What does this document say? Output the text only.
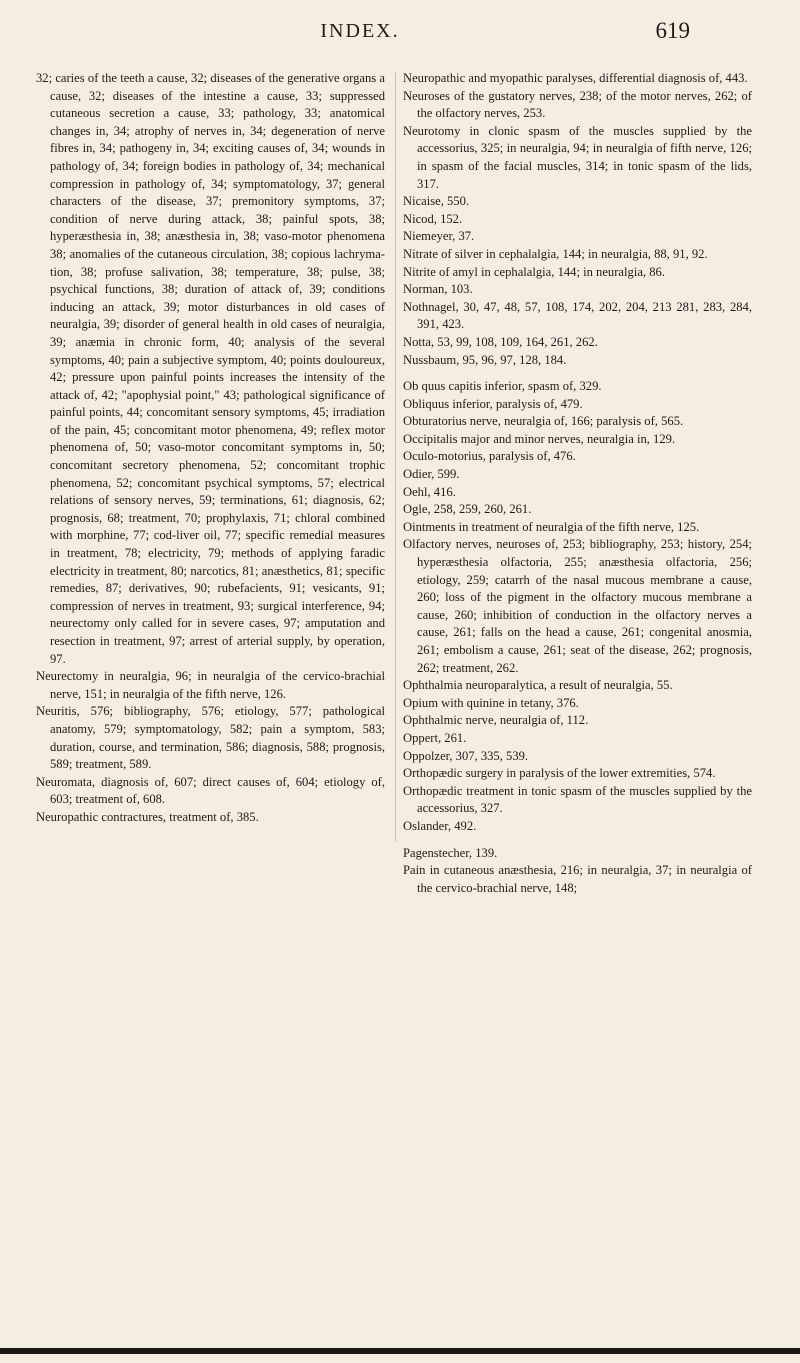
INDEX.	619

32; caries of the teeth a cause, 32; diseases of the generative organs a cause, 32; diseases of the intestine a cause, 33; suppressed cutaneous secretion a cause, 33; pathology, 33; anatomical changes in, 34; atrophy of nerves in, 34; degeneration of nerve fibres in, 34; pathogeny in, 34; exciting causes of, 34; wounds in pathology of, 34; foreign bodies in pathology of, 34; mechanical compression in pathology of, 34; symptomatology, 37; general characters of the disease, 37; premonitory symptoms, 37; condition of nerve during attack, 38; painful spots, 38; hyperæsthesia in, 38; anæsthesia in, 38; vaso-motor phenomena 38; anomalies of the cutaneous circulation, 38; copious lachryma-tion, 38; profuse salivation, 38; temperature, 38; pulse, 38; psychical functions, 38; duration of attack of, 39; conditions inducing an attack, 39; motor disturbances in old cases of neuralgia, 39; disorder of general health in old cases of neuralgia, 39; anæmia in chronic form, 40; analysis of the several symptoms, 40; pain a subjective symptom, 40; points douloureux, 42; pressure upon painful points increases the intensity of the attack of, 42; "apophysial point," 43; pathological significance of painful points, 44; concomitant sensory symptoms, 45; irradiation of the pain, 45; concomitant motor phenomena, 49; reflex motor phenomena of, 50; vaso-motor concomitant symptoms in, 50; concomitant secretory phenomena, 52; concomitant trophic phenomena, 52; concomitant psychical symptoms, 57; electrical relations of sensory nerves, 59; terminations, 61; diagnosis, 62; prognosis, 68; treatment, 70; prophylaxis, 71; chloral combined with morphine, 77; cod-liver oil, 77; specific remedial measures in treatment, 78; electricity, 79; methods of applying faradic electricity in treatment, 80; narcotics, 81; anæsthetics, 81; specific remedies, 87; derivatives, 90; rubefacients, 91; vesicants, 91; compression of nerves in treatment, 93; surgical interference, 94; neurectomy only called for in severe cases, 97; amputation and resection in treatment, 97; arrest of arterial supply, by operation, 97.

Neurectomy in neuralgia, 96; in neuralgia of the cervico-brachial nerve, 151; in neuralgia of the fifth nerve, 126.

Neuritis, 576; bibliography, 576; etiology, 577; pathological anatomy, 579; symptomatology, 582; pain a symptom, 583; duration, course, and termination, 586; diagnosis, 588; prognosis, 589; treatment, 589.

Neuromata, diagnosis of, 607; direct causes of, 604; etiology of, 603; treatment of, 608.

Neuropathic contractures, treatment of, 385.

Neuropathic and myopathic paralyses, differential diagnosis of, 443.

Neuroses of the gustatory nerves, 238; of the motor nerves, 262; of the olfactory nerves, 253.

Neurotomy in clonic spasm of the muscles supplied by the accessorius, 325; in neuralgia, 94; in neuralgia of fifth nerve, 126; in spasm of the facial muscles, 314; in tonic spasm of the lids, 317.

Nicaise, 550.

Nicod, 152.

Niemeyer, 37.

Nitrate of silver in cephalalgia, 144; in neuralgia, 88, 91, 92.

Nitrite of amyl in cephalalgia, 144; in neuralgia, 86.

Norman, 103.

Nothnagel, 30, 47, 48, 57, 108, 174, 202, 204, 213 281, 283, 284, 391, 423.

Notta, 53, 99, 108, 109, 164, 261, 262.

Nussbaum, 95, 96, 97, 128, 184.

Ob quus capitis inferior, spasm of, 329.

Obliquus inferior, paralysis of, 479.

Obturatorius nerve, neuralgia of, 166; paralysis of, 565.

Occipitalis major and minor nerves, neuralgia in, 129.

Oculo-motorius, paralysis of, 476.

Odier, 599.

Oehl, 416.

Ogle, 258, 259, 260, 261.

Ointments in treatment of neuralgia of the fifth nerve, 125.

Olfactory nerves, neuroses of, 253; bibliography, 253; history, 254; hyperæsthesia olfactoria, 255; anæsthesia olfactoria, 256; etiology, 259; catarrh of the nasal mucous membrane a cause, 260; loss of the pigment in the olfactory mucous membrane a cause, 260; inhibition of conduction in the olfactory nerves a cause, 261; falls on the head a cause, 261; congenital anosmia, 261; embolism a cause, 261; seat of the disease, 262; prognosis, 262; treatment, 262.

Ophthalmia neuroparalytica, a result of neuralgia, 55.

Opium with quinine in tetany, 376.

Ophthalmic nerve, neuralgia of, 112.

Oppert, 261.

Oppolzer, 307, 335, 539.

Orthopædic surgery in paralysis of the lower extremities, 574.

Orthopædic treatment in tonic spasm of the muscles supplied by the accessorius, 327.

Oslander, 492.

Pagenstecher, 139.

Pain in cutaneous anæsthesia, 216; in neuralgia, 37; in neuralgia of the cervico-brachial nerve, 148;
